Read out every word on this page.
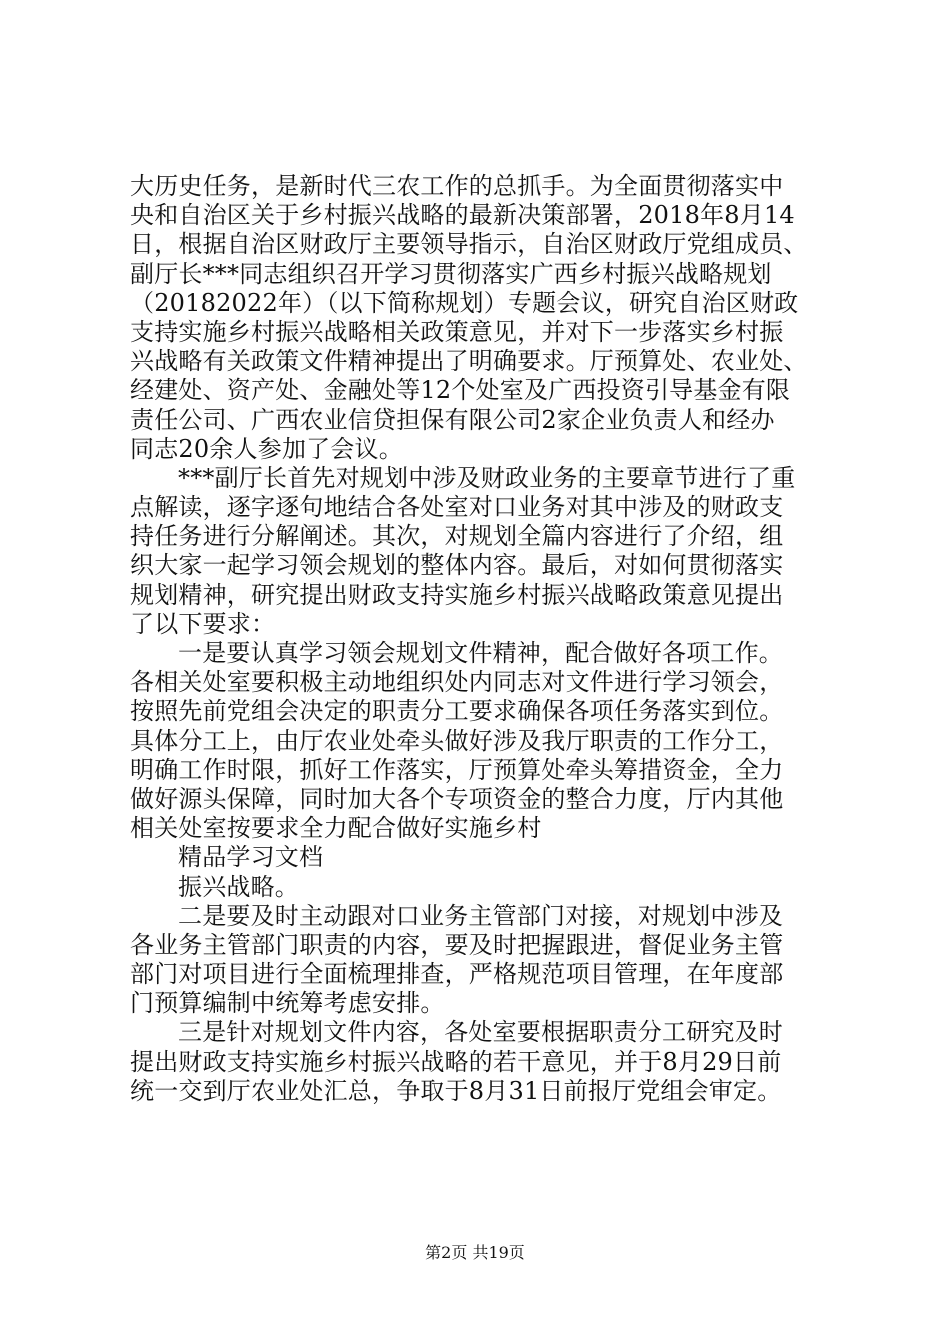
大历史任务，是新时代三农工作的总抓手。为全面贯彻落实中
央和自治区关于乡村振兴战略的最新决策部署，2018年8月14
日，根据自治区财政厅主要领导指示，自治区财政厅党组成员、
副厅长***同志组织召开学习贯彻落实广西乡村振兴战略规划
（20182022年）（以下简称规划）专题会议，研究自治区财政
支持实施乡村振兴战略相关政策意见，并对下一步落实乡村振
兴战略有关政策文件精神提出了明确要求。厅预算处、农业处、
经建处、资产处、金融处等12个处室及广西投资引导基金有限
责任公司、广西农业信贷担保有限公司2家企业负责人和经办
同志20余人参加了会议。
***副厅长首先对规划中涉及财政业务的主要章节进行了重
点解读，逐字逐句地结合各处室对口业务对其中涉及的财政支
持任务进行分解阐述。其次，对规划全篇内容进行了介绍，组
织大家一起学习领会规划的整体内容。最后，对如何贯彻落实
规划精神，研究提出财政支持实施乡村振兴战略政策意见提出
了以下要求：
一是要认真学习领会规划文件精神，配合做好各项工作。
各相关处室要积极主动地组织处内同志对文件进行学习领会，
按照先前党组会决定的职责分工要求确保各项任务落实到位。
具体分工上，由厅农业处牵头做好涉及我厅职责的工作分工，
明确工作时限，抓好工作落实，厅预算处牵头筹措资金，全力
做好源头保障，同时加大各个专项资金的整合力度，厅内其他
相关处室按要求全力配合做好实施乡村
精品学习文档
振兴战略。
二是要及时主动跟对口业务主管部门对接，对规划中涉及
各业务主管部门职责的内容，要及时把握跟进，督促业务主管
部门对项目进行全面梳理排查，严格规范项目管理，在年度部
门预算编制中统筹考虑安排。
三是针对规划文件内容，各处室要根据职责分工研究及时
提出财政支持实施乡村振兴战略的若干意见，并于8月29日前
统一交到厅农业处汇总，争取于8月31日前报厅党组会审定。
第2页 共19页
